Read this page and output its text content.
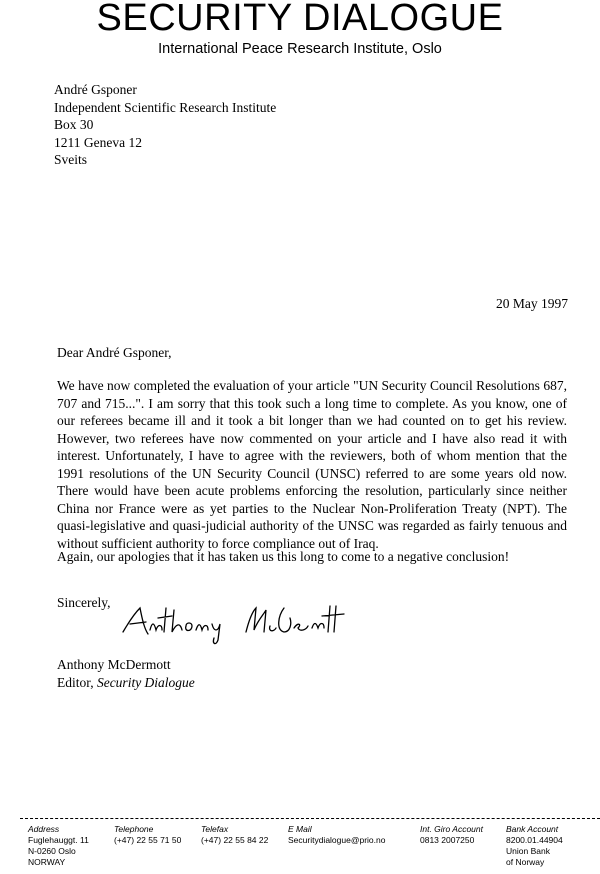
SECURITY DIALOGUE
International Peace Research Institute, Oslo
André Gsponer
Independent Scientific Research Institute
Box 30
1211 Geneva 12
Sveits
20 May 1997
Dear André Gsponer,
We have now completed the evaluation of your article "UN Security Council Resolutions 687, 707 and 715...". I am sorry that this took such a long time to complete. As you know, one of our referees became ill and it took a bit longer than we had counted on to get his review. However, two referees have now commented on your article and I have also read it with interest. Unfortunately, I have to agree with the reviewers, both of whom mention that the 1991 resolutions of the UN Security Council (UNSC) referred to are some years old now. There would have been acute problems enforcing the resolution, particularly since neither China nor France were as yet parties to the Nuclear Non-Proliferation Treaty (NPT). The quasi-legislative and quasi-judicial authority of the UNSC was regarded as fairly tenuous and without sufficient authority to force compliance out of Iraq.
Again, our apologies that it has taken us this long to come to a negative conclusion!
Sincerely,
Anthony McDermott
Editor, Security Dialogue
Address
Fuglehauggt. 11
N-0260 Oslo
NORWAY
Telephone
(+47) 22 55 71 50
Telefax
(+47) 22 55 84 22
E Mail
Securitydialogue@prio.no
Int. Giro Account
0813 2007250
Bank Account
8200.01.44904
Union Bank
of Norway
